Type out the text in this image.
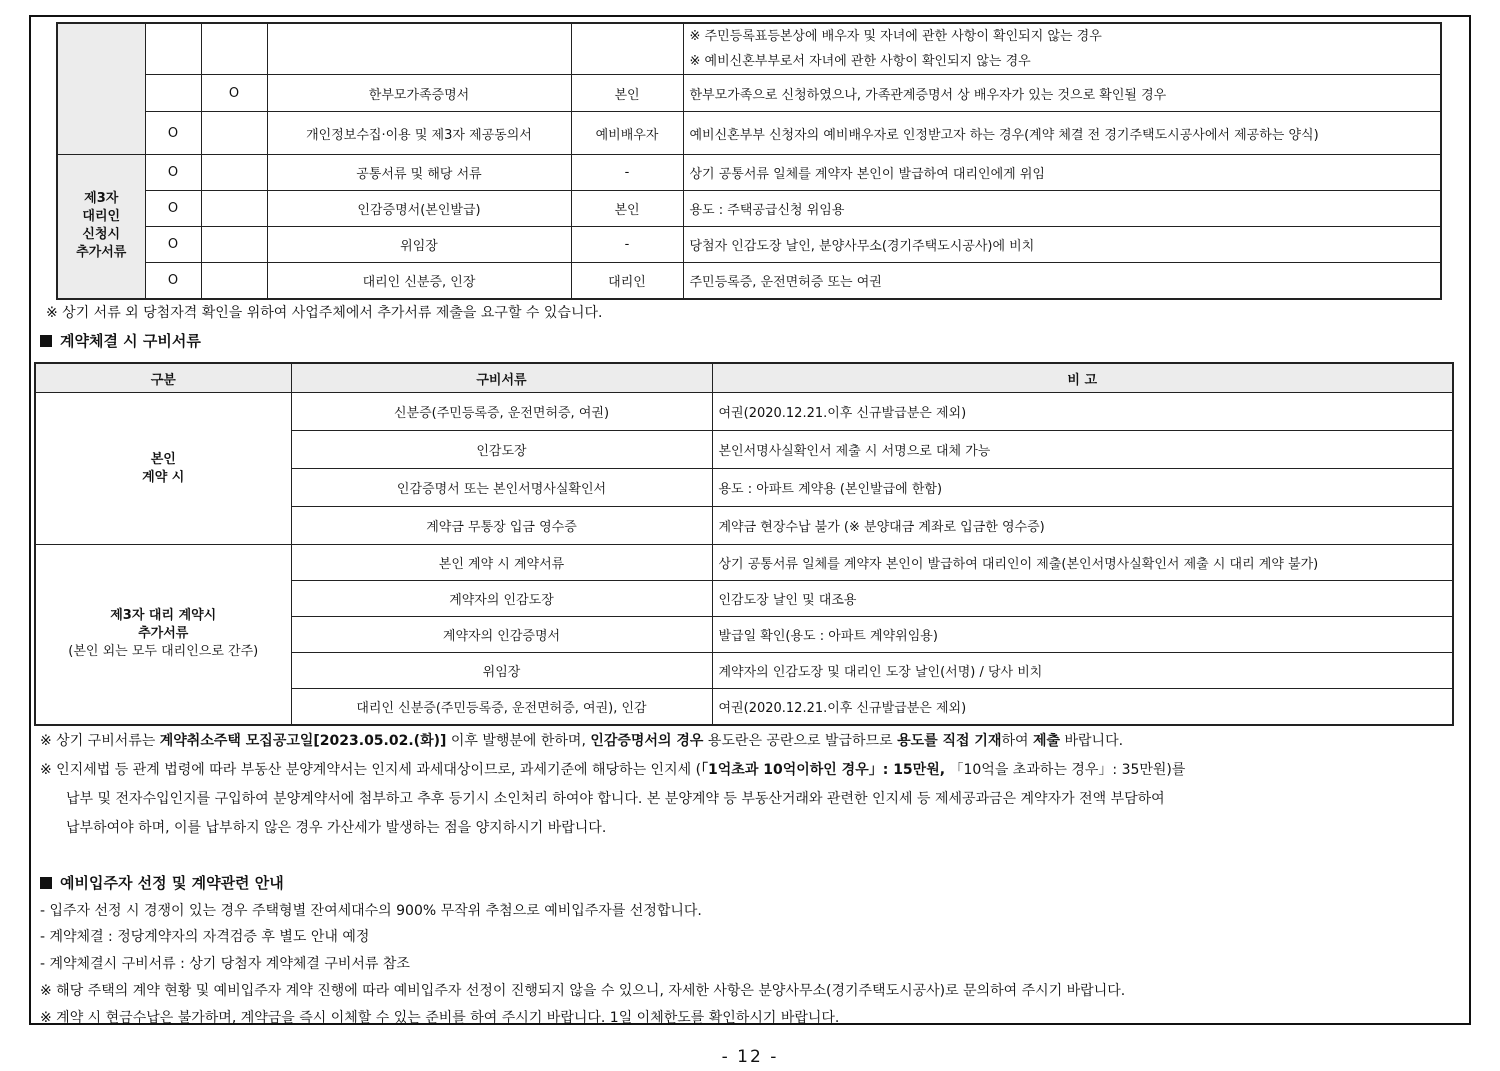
					※ 주민등록표등본상에 배우자 및 자녀에 관한 사항이 확인되지 않는 경우
※ 예비신혼부부로서 자녀에 관한 사항이 확인되지 않는 경우

		O	한부모가족증명서	본인	한부모가족으로 신청하였으나, 가족관계증명서 상 배우자가 있는 것으로 확인될 경우
	O		개인정보수집·이용 및 제3자 제공동의서	예비배우자	예비신혼부부 신청자의 예비배우자로 인정받고자 하는 경우(계약 체결 전 경기주택도시공사에서 제공하는 양식)
제3자
대리인
신청시
추가서류	O		공통서류 및 해당 서류	-	상기 공통서류 일체를 계약자 본인이 발급하여 대리인에게 위임
	O		인감증명서(본인발급)	본인	용도 : 주택공급신청 위임용
	O		위임장	-	당첨자 인감도장 날인, 분양사무소(경기주택도시공사)에 비치
	O		대리인 신분증, 인장	대리인	주민등록증, 운전면허증 또는 여권
※ 상기 서류 외 당첨자격 확인을 위하여 사업주체에서 추가서류 제출을 요구할 수 있습니다.
계약체결 시 구비서류
구분	구비서류	비 고
본인
계약 시	신분증(주민등록증, 운전면허증, 여권)	여권(2020.12.21.이후 신규발급분은 제외)
	인감도장	본인서명사실확인서 제출 시 서명으로 대체 가능
	인감증명서 또는 본인서명사실확인서	용도 : 아파트 계약용 (본인발급에 한함)
	계약금 무통장 입금 영수증	계약금 현장수납 불가 (※ 분양대금 계좌로 입금한 영수증)

제3자 대리 계약시
추가서류
(본인 외는 모두 대리인으로 간주)	본인 계약 시 계약서류	상기 공통서류 일체를 계약자 본인이 발급하여 대리인이 제출(본인서명사실확인서 제출 시 대리 계약 불가)
	계약자의 인감도장	인감도장 날인 및 대조용
	계약자의 인감증명서	발급일 확인(용도 : 아파트 계약위임용)
	위임장	계약자의 인감도장 및 대리인 도장 날인(서명) / 당사 비치
	대리인 신분증(주민등록증, 운전면허증, 여권), 인감	여권(2020.12.21.이후 신규발급분은 제외)
※ 상기 구비서류는 계약취소주택 모집공고일[2023.05.02.(화)] 이후 발행분에 한하며, 인감증명서의 경우 용도란은 공란으로 발급하므로 용도를 직접 기재하여 제출 바랍니다.
※ 인지세법 등 관계 법령에 따라 부동산 분양계약서는 인지세 과세대상이므로, 과세기준에 해당하는 인지세 (「1억초과 10억이하인 경우」: 15만원, 「10억을 초과하는 경우」: 35만원)를
납부 및 전자수입인지를 구입하여 분양계약서에 첨부하고 추후 등기시 소인처리 하여야 합니다. 본 분양계약 등 부동산거래와 관련한 인지세 등 제세공과금은 계약자가 전액 부담하여
납부하여야 하며, 이를 납부하지 않은 경우 가산세가 발생하는 점을 양지하시기 바랍니다.
예비입주자 선정 및 계약관련 안내
- 입주자 선정 시 경쟁이 있는 경우 주택형별 잔여세대수의 900% 무작위 추첨으로 예비입주자를 선정합니다.
- 계약체결 : 정당계약자의 자격검증 후 별도 안내 예정
- 계약체결시 구비서류 : 상기 당첨자 계약체결 구비서류 참조
※ 해당 주택의 계약 현황 및 예비입주자 계약 진행에 따라 예비입주자 선정이 진행되지 않을 수 있으니, 자세한 사항은 분양사무소(경기주택도시공사)로 문의하여 주시기 바랍니다.
※ 계약 시 현금수납은 불가하며, 계약금을 즉시 이체할 수 있는 준비를 하여 주시기 바랍니다. 1일 이체한도를 확인하시기 바랍니다.
- 12 -
